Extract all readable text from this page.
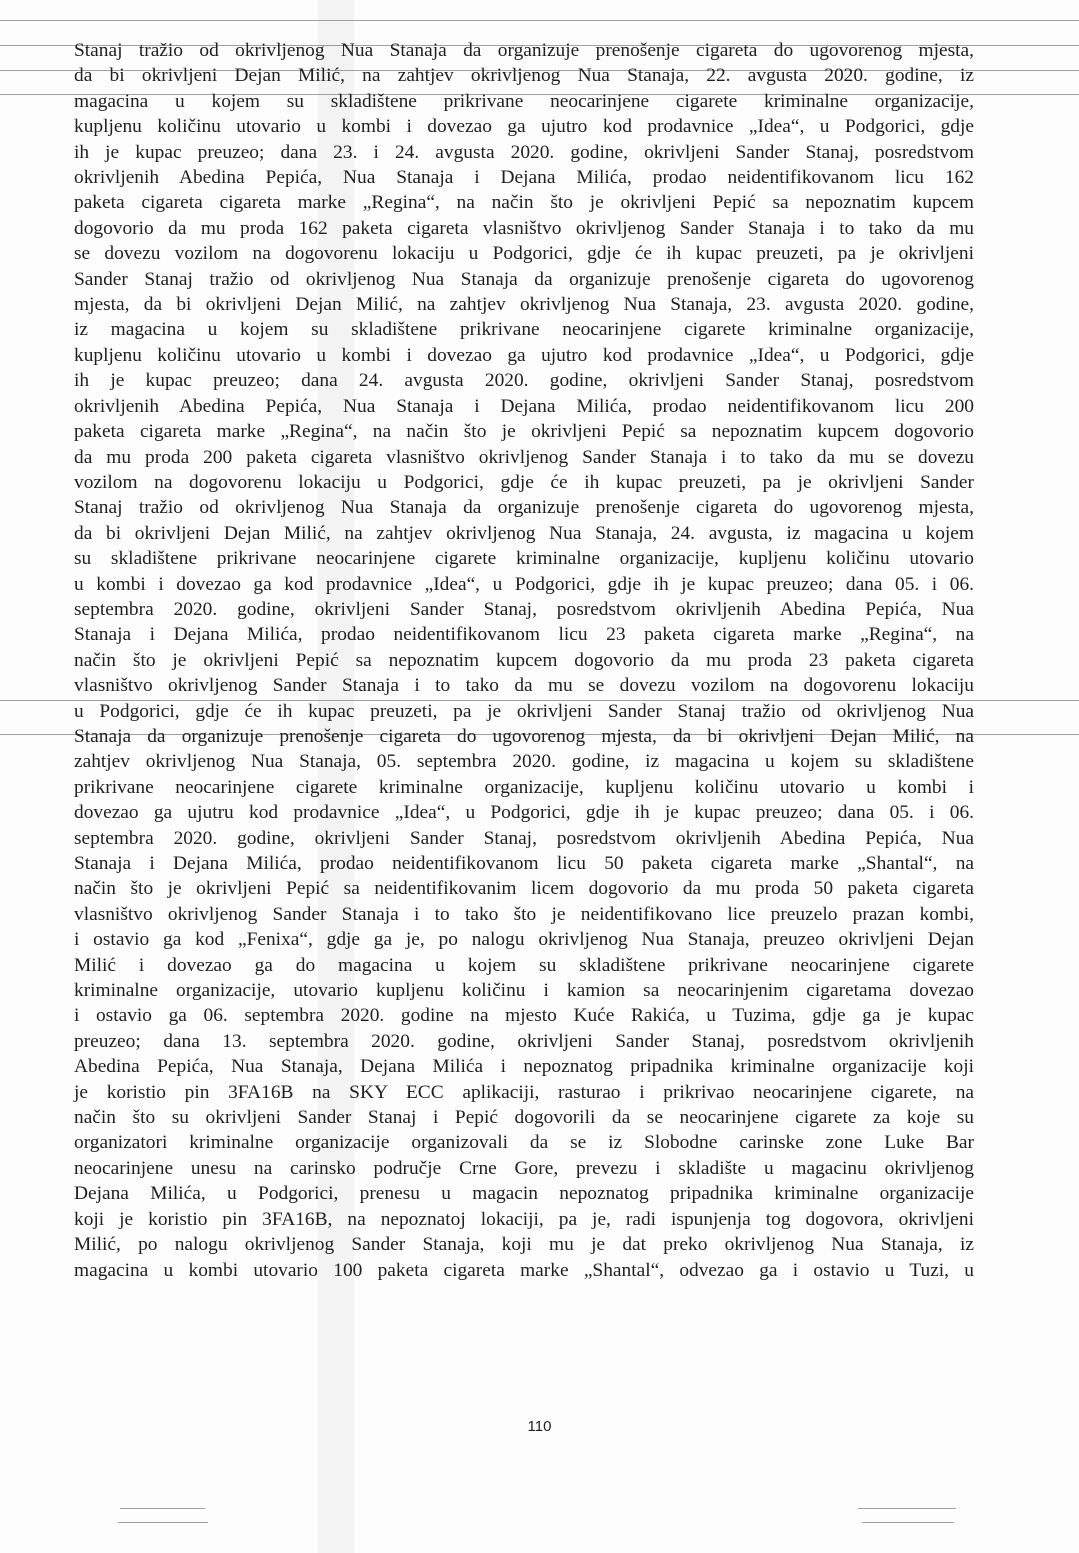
Stanaj tražio od okrivljenog Nua Stanaja da organizuje prenošenje cigareta do ugovorenog mjesta,
da bi okrivljeni Dejan Milić, na zahtjev okrivljenog Nua Stanaja, 22. avgusta 2020. godine, iz
magacina u kojem su skladištene prikrivane neocarinjene cigarete kriminalne organizacije,
kupljenu količinu utovario u kombi i dovezao ga ujutro kod prodavnice „Idea“, u Podgorici, gdje
ih je kupac preuzeo; dana 23. i 24. avgusta 2020. godine, okrivljeni Sander Stanaj, posredstvom
okrivljenih Abedina Pepića, Nua Stanaja i Dejana Milića, prodao neidentifikovanom licu 162
paketa cigareta cigareta marke „Regina“, na način što je okrivljeni Pepić sa nepoznatim kupcem
dogovorio da mu proda 162 paketa cigareta vlasništvo okrivljenog Sander Stanaja i to tako da mu
se dovezu vozilom na dogovorenu lokaciju u Podgorici, gdje će ih kupac preuzeti, pa je okrivljeni
Sander Stanaj tražio od okrivljenog Nua Stanaja da organizuje prenošenje cigareta do ugovorenog
mjesta, da bi okrivljeni Dejan Milić, na zahtjev okrivljenog Nua Stanaja, 23. avgusta 2020. godine,
iz magacina u kojem su skladištene prikrivane neocarinjene cigarete kriminalne organizacije,
kupljenu količinu utovario u kombi i dovezao ga ujutro kod prodavnice „Idea“, u Podgorici, gdje
ih je kupac preuzeo; dana 24. avgusta 2020. godine, okrivljeni Sander Stanaj, posredstvom
okrivljenih Abedina Pepića, Nua Stanaja i Dejana Milića, prodao neidentifikovanom licu 200
paketa cigareta marke „Regina“, na način što je okrivljeni Pepić sa nepoznatim kupcem dogovorio
da mu proda 200 paketa cigareta vlasništvo okrivljenog Sander Stanaja i to tako da mu se dovezu
vozilom na dogovorenu lokaciju u Podgorici, gdje će ih kupac preuzeti, pa je okrivljeni Sander
Stanaj tražio od okrivljenog Nua Stanaja da organizuje prenošenje cigareta do ugovorenog mjesta,
da bi okrivljeni Dejan Milić, na zahtjev okrivljenog Nua Stanaja, 24. avgusta, iz magacina u kojem
su skladištene prikrivane neocarinjene cigarete kriminalne organizacije, kupljenu količinu utovario
u kombi i dovezao ga kod prodavnice „Idea“, u Podgorici, gdje ih je kupac preuzeo; dana 05. i 06.
septembra 2020. godine, okrivljeni Sander Stanaj, posredstvom okrivljenih Abedina Pepića, Nua
Stanaja i Dejana Milića, prodao neidentifikovanom licu 23 paketa cigareta marke „Regina“, na
način što je okrivljeni Pepić sa nepoznatim kupcem dogovorio da mu proda 23 paketa cigareta
vlasništvo okrivljenog Sander Stanaja i to tako da mu se dovezu vozilom na dogovorenu lokaciju
u Podgorici, gdje će ih kupac preuzeti, pa je okrivljeni Sander Stanaj tražio od okrivljenog Nua
Stanaja da organizuje prenošenje cigareta do ugovorenog mjesta, da bi okrivljeni Dejan Milić, na
zahtjev okrivljenog Nua Stanaja, 05. septembra 2020. godine, iz magacina u kojem su skladištene
prikrivane neocarinjene cigarete kriminalne organizacije, kupljenu količinu utovario u kombi i
dovezao ga ujutru kod prodavnice „Idea“, u Podgorici, gdje ih je kupac preuzeo; dana 05. i 06.
septembra 2020. godine, okrivljeni Sander Stanaj, posredstvom okrivljenih Abedina Pepića, Nua
Stanaja i Dejana Milića, prodao neidentifikovanom licu 50 paketa cigareta marke „Shantal“, na
način što je okrivljeni Pepić sa neidentifikovanim licem dogovorio da mu proda 50 paketa cigareta
vlasništvo okrivljenog Sander Stanaja i to tako što je neidentifikovano lice preuzelo prazan kombi,
i ostavio ga kod „Fenixa“, gdje ga je, po nalogu okrivljenog Nua Stanaja, preuzeo okrivljeni Dejan
Milić i dovezao ga do magacina u kojem su skladištene prikrivane neocarinjene cigarete
kriminalne organizacije, utovario kupljenu količinu i kamion sa neocarinjenim cigaretama dovezao
i ostavio ga 06. septembra 2020. godine na mjesto Kuće Rakića, u Tuzima, gdje ga je kupac
preuzeo; dana 13. septembra 2020. godine, okrivljeni Sander Stanaj, posredstvom okrivljenih
Abedina Pepića, Nua Stanaja, Dejana Milića i nepoznatog pripadnika kriminalne organizacije koji
je koristio pin 3FA16B na SKY ECC aplikaciji, rasturao i prikrivao neocarinjene cigarete, na
način što su okrivljeni Sander Stanaj i Pepić dogovorili da se neocarinjene cigarete za koje su
organizatori kriminalne organizacije organizovali da se iz Slobodne carinske zone Luke Bar
neocarinjene unesu na carinsko područje Crne Gore, prevezu i skladište u magacinu okrivljenog
Dejana Milića, u Podgorici, prenesu u magacin nepoznatog pripadnika kriminalne organizacije
koji je koristio pin 3FA16B, na nepoznatoj lokaciji, pa je, radi ispunjenja tog dogovora, okrivljeni
Milić, po nalogu okrivljenog Sander Stanaja, koji mu je dat preko okrivljenog Nua Stanaja, iz
magacina u kombi utovario 100 paketa cigareta marke „Shantal“, odvezao ga i ostavio u Tuzi, u
110
